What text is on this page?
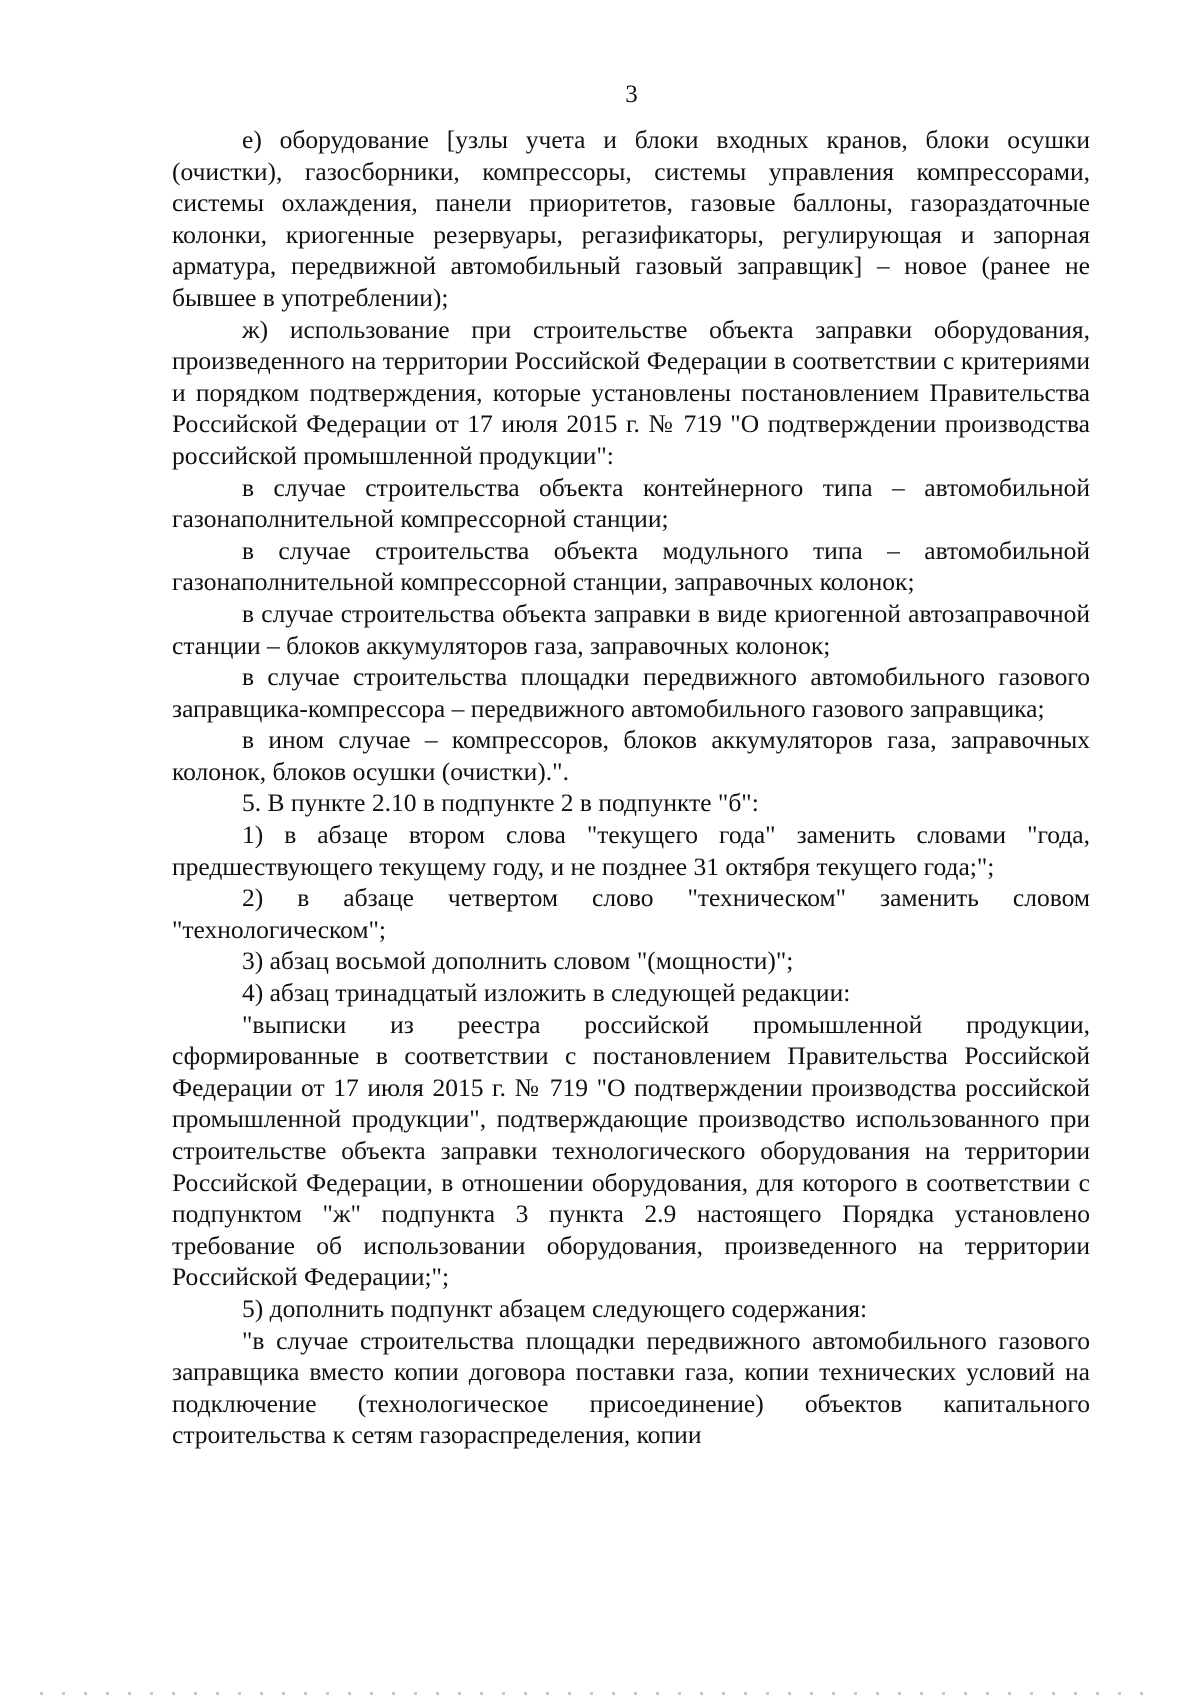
3

е) оборудование [узлы учета и блоки входных кранов, блоки осушки (очистки), газосборники, компрессоры, системы управления компрессорами, системы охлаждения, панели приоритетов, газовые баллоны, газораздаточные колонки, криогенные резервуары, регазификаторы, регулирующая и запорная арматура, передвижной автомобильный газовый заправщик] – новое (ранее не бывшее в употреблении);

ж) использование при строительстве объекта заправки оборудования, произведенного на территории Российской Федерации в соответствии с критериями и порядком подтверждения, которые установлены постановлением Правительства Российской Федерации от 17 июля 2015 г. № 719 "О подтверждении производства российской промышленной продукции":

в случае строительства объекта контейнерного типа – автомобильной газонаполнительной компрессорной станции;

в случае строительства объекта модульного типа – автомобильной газонаполнительной компрессорной станции, заправочных колонок;

в случае строительства объекта заправки в виде криогенной автозаправочной станции – блоков аккумуляторов газа, заправочных колонок;

в случае строительства площадки передвижного автомобильного газового заправщика-компрессора – передвижного автомобильного газового заправщика;

в ином случае – компрессоров, блоков аккумуляторов газа, заправочных колонок, блоков осушки (очистки).".

5. В пункте 2.10 в подпункте 2 в подпункте "б":

1) в абзаце втором слова "текущего года" заменить словами "года, предшествующего текущему году, и не позднее 31 октября текущего года;";

2) в абзаце четвертом слово "техническом" заменить словом "технологическом";

3) абзац восьмой дополнить словом "(мощности)";

4) абзац тринадцатый изложить в следующей редакции:

"выписки из реестра российской промышленной продукции, сформированные в соответствии с постановлением Правительства Российской Федерации от 17 июля 2015 г. № 719 "О подтверждении производства российской промышленной продукции", подтверждающие производство использованного при строительстве объекта заправки технологического оборудования на территории Российской Федерации, в отношении оборудования, для которого в соответствии с подпунктом "ж" подпункта 3 пункта 2.9 настоящего Порядка установлено требование об использовании оборудования, произведенного на территории Российской Федерации;";

5) дополнить подпункт абзацем следующего содержания:

"в случае строительства площадки передвижного автомобильного газового заправщика вместо копии договора поставки газа, копии технических условий на подключение (технологическое присоединение) объектов капитального строительства к сетям газораспределения, копии
